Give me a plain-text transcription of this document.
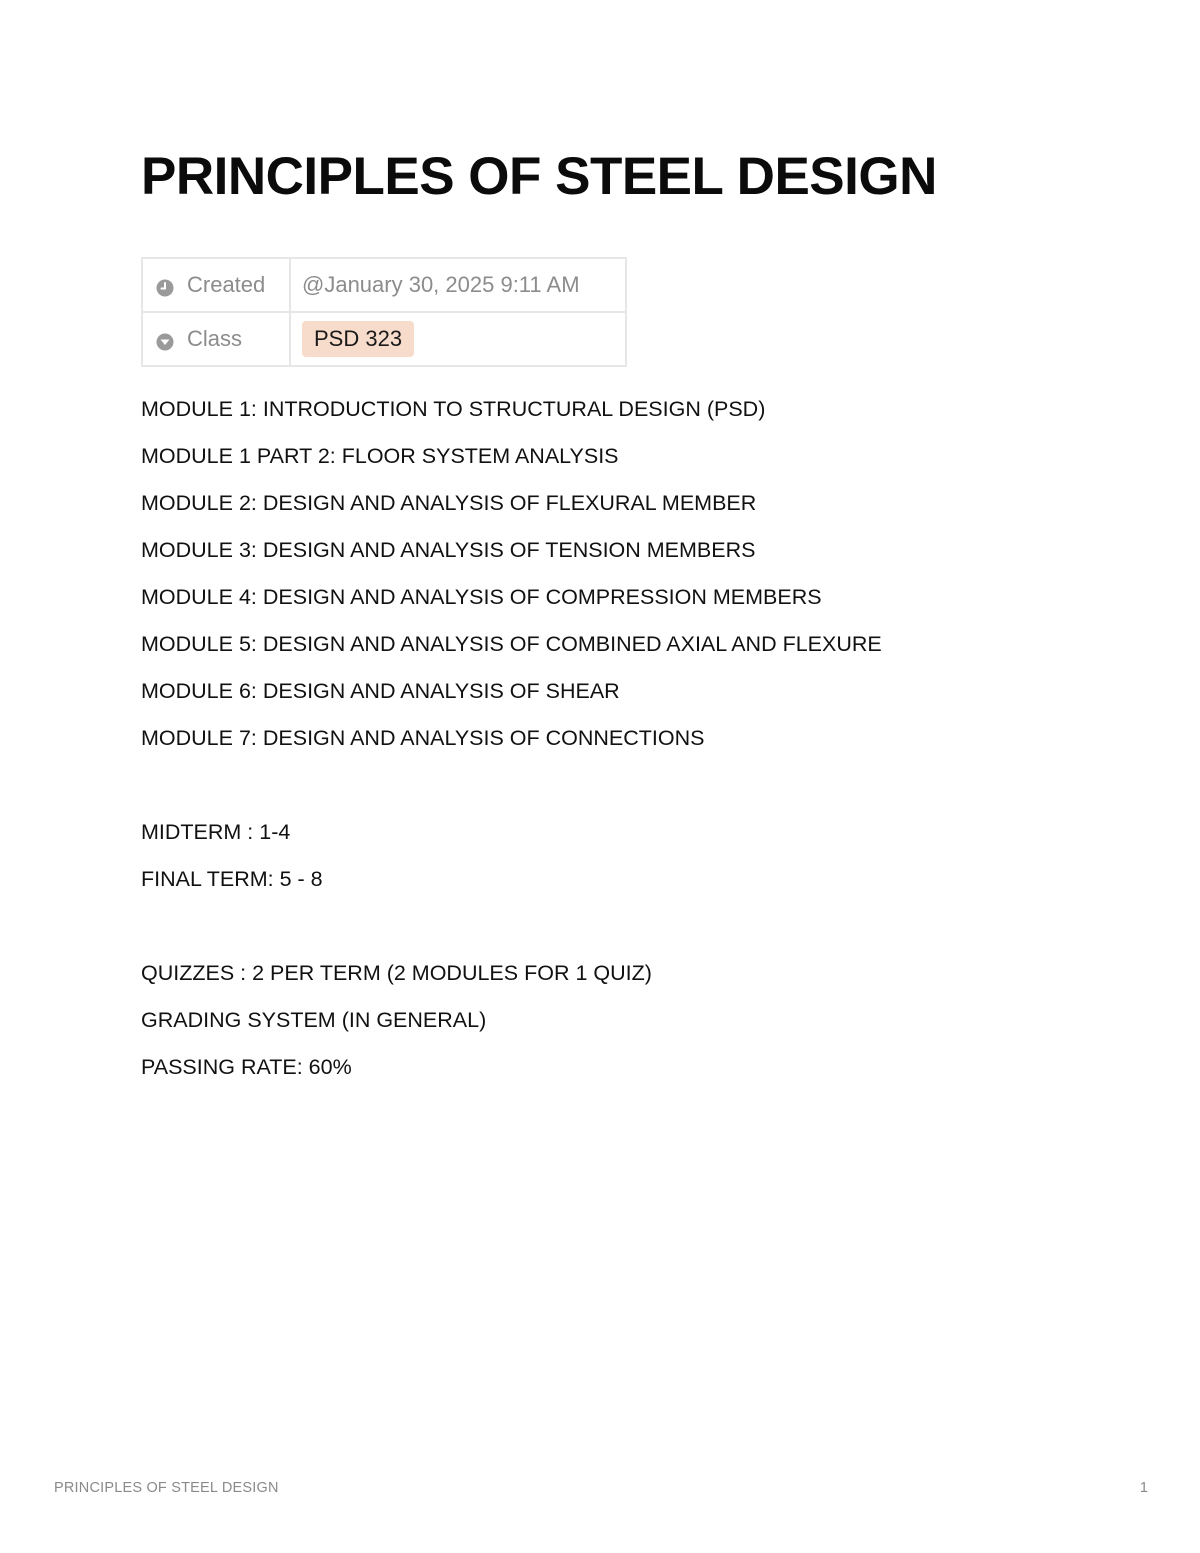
PRINCIPLES OF STEEL DESIGN
Created	@January 30, 2025 9:11 AM

Class	PSD 323
MODULE 1: INTRODUCTION TO STRUCTURAL DESIGN (PSD)
MODULE 1 PART 2: FLOOR SYSTEM ANALYSIS
MODULE 2: DESIGN AND ANALYSIS OF FLEXURAL MEMBER
MODULE 3: DESIGN AND ANALYSIS OF TENSION MEMBERS
MODULE 4: DESIGN AND ANALYSIS OF COMPRESSION MEMBERS
MODULE 5: DESIGN AND ANALYSIS OF COMBINED AXIAL AND FLEXURE
MODULE 6: DESIGN AND ANALYSIS OF SHEAR
MODULE 7: DESIGN AND ANALYSIS OF CONNECTIONS
MIDTERM : 1-4
FINAL TERM: 5 - 8
QUIZZES : 2 PER TERM (2 MODULES FOR 1 QUIZ)
GRADING SYSTEM (IN GENERAL)
PASSING RATE: 60%
PRINCIPLES OF STEEL DESIGN	1
